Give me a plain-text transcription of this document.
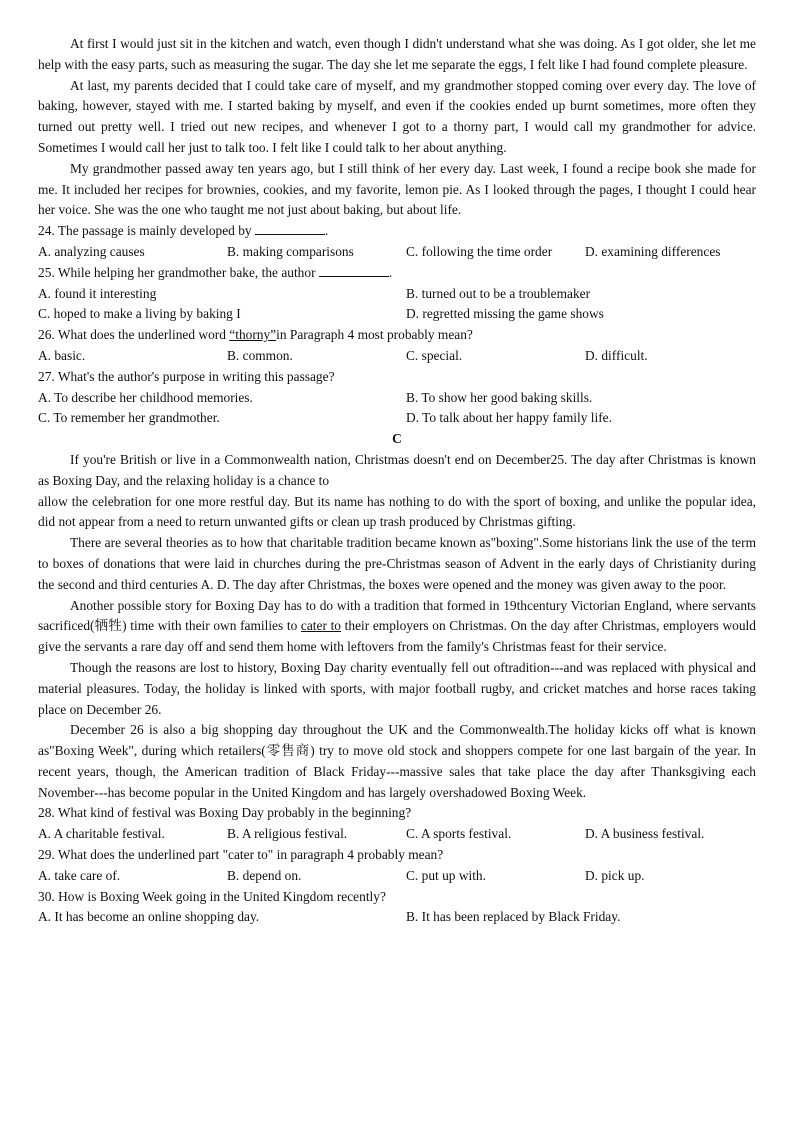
At first I would just sit in the kitchen and watch, even though I didn't understand what she was doing. As I got older, she let me help with the easy parts, such as measuring the sugar. The day she let me separate the eggs, I felt like I had found complete pleasure.

At last, my parents decided that I could take care of myself, and my grandmother stopped coming over every day. The love of baking, however, stayed with me. I started baking by myself, and even if the cookies ended up burnt sometimes, more often they turned out pretty well. I tried out new recipes, and whenever I got to a thorny part, I would call my grandmother for advice. Sometimes I would call her just to talk too. I felt like I could talk to her about anything.

My grandmother passed away ten years ago, but I still think of her every day. Last week, I found a recipe book she made for me. It included her recipes for brownies, cookies, and my favorite, lemon pie. As I looked through the pages, I thought I could hear her voice. She was the one who taught me not just about baking, but about life.

24. The passage is mainly developed by	.

A. analyzing causes	B. making comparisons	C. following the time order D. examining differences

25. While helping her grandmother bake, the author	.

A. found it interesting	B. turned out to be a troublemaker
C. hoped to make a living by baking I	D. regretted missing the game shows

26. What does the underlined word “thorny”in Paragraph 4 most probably mean?

A. basic.	B. common.	C. special.	D. difficult.

27. What's the author's purpose in writing this passage?

A. To describe her childhood memories.	B. To show her good baking skills.
C. To remember her grandmother.	D. To talk about her happy family life.

C

If you're British or live in a Commonwealth nation, Christmas doesn't end on December25. The day after Christmas is known as Boxing Day, and the relaxing holiday is a chance to

allow the celebration for one more restful day. But its name has nothing to do with the sport of boxing, and unlike the popular idea, did not appear from a need to return unwanted gifts or clean up trash produced by Christmas gifting.

There are several theories as to how that charitable tradition became known as"boxing".Some historians link the use of the term to boxes of donations that were laid in churches during the pre-Christmas season of Advent in the early days of Christianity during the second and third centuries A. D. The day after Christmas, the boxes were opened and the money was given away to the poor.

Another possible story for Boxing Day has to do with a tradition that formed in 19thcentury Victorian England, where servants sacrificed(牺牲) time with their own families to cater to their employers on Christmas. On the day after Christmas, employers would give the servants a rare day off and send them home with leftovers from the family's Christmas feast for their service.

Though the reasons are lost to history, Boxing Day charity eventually fell out oftradition---and was replaced with physical and material pleasures. Today, the holiday is linked with sports, with major football rugby, and cricket matches and horse races taking place on December 26.

December 26 is also a big shopping day throughout the UK and the Commonwealth.The holiday kicks off what is known as"Boxing Week", during which retailers(零售商) try to move old stock and shoppers compete for one last bargain of the year. In recent years, though, the American tradition of Black Friday---massive sales that take place the day after Thanksgiving each November---has become popular in the United Kingdom and has largely overshadowed Boxing Week.

28. What kind of festival was Boxing Day probably in the beginning?

A. A charitable festival.	B. A religious festival.	C. A sports festival.	D. A business festival.

29. What does the underlined part "cater to" in paragraph 4 probably mean?

A. take care of.	B. depend on.	C. put up with.	D. pick up.

30. How is Boxing Week going in the United Kingdom recently?

A. It has become an online shopping day.	B. It has been replaced by Black Friday.
